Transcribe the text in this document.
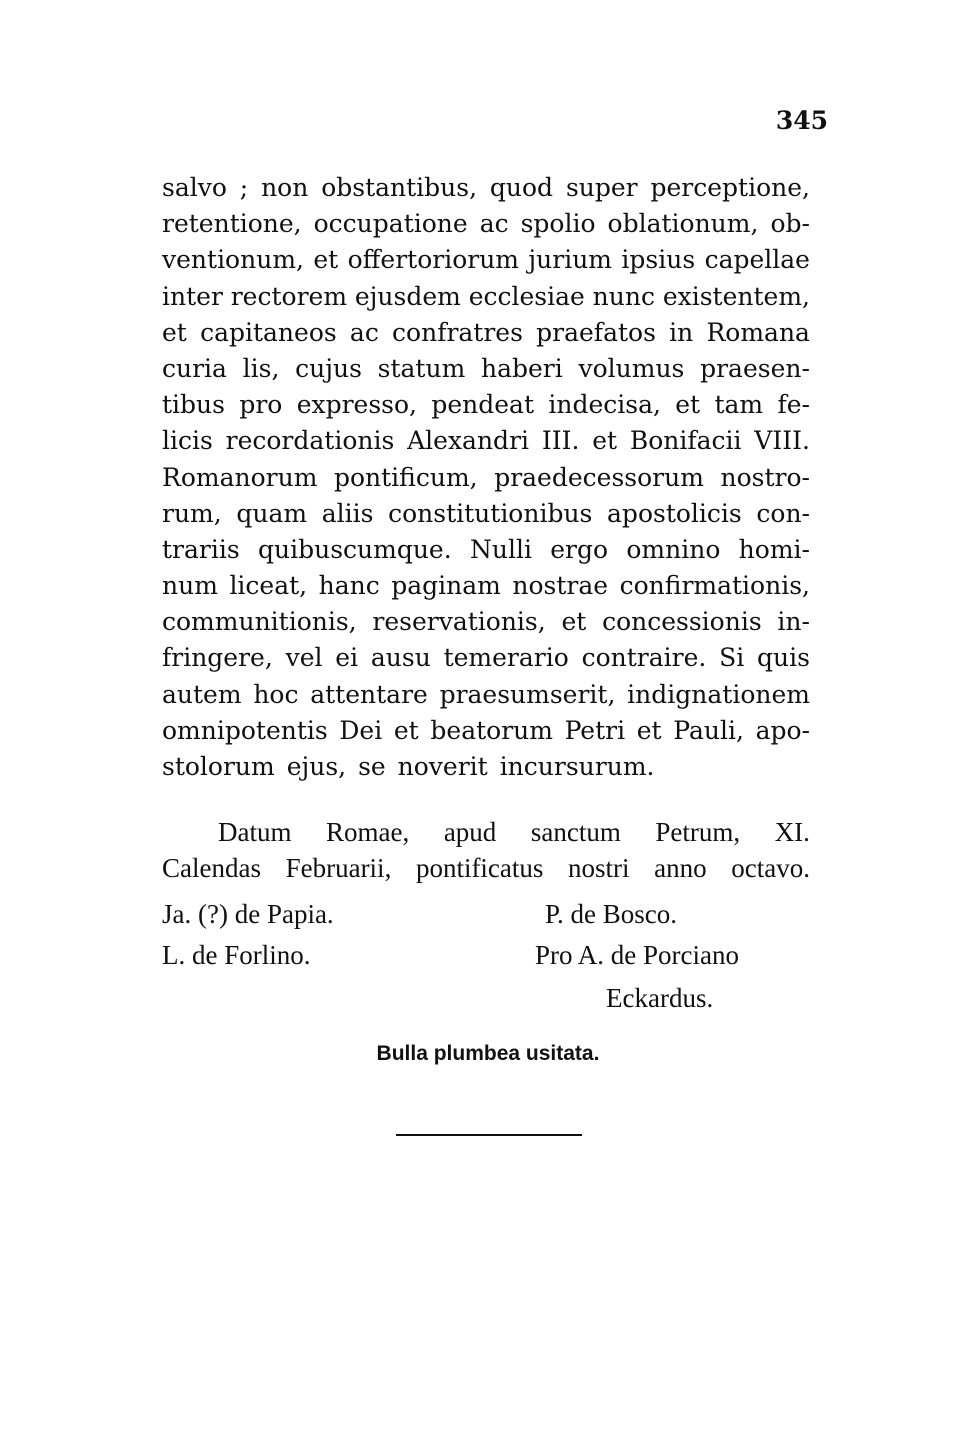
345
salvo ; non obstantibus, quod super perceptione,
retentione, occupatione ac spolio oblationum, ob-
ventionum, et offertoriorum jurium ipsius capellae
inter rectorem ejusdem ecclesiae nunc existentem,
et capitaneos ac confratres praefatos in Romana
curia lis, cujus statum haberi volumus praesen-
tibus pro expresso, pendeat indecisa, et tam fe-
licis recordationis Alexandri III. et Bonifacii VIII.
Romanorum pontificum, praedecessorum nostro-
rum, quam aliis constitutionibus apostolicis con-
trariis quibuscumque. Nulli ergo omnino homi-
num liceat, hanc paginam nostrae confirmationis,
communitionis, reservationis, et concessionis in-
fringere, vel ei ausu temerario contraire. Si quis
autem hoc attentare praesumserit, indignationem
omnipotentis Dei et beatorum Petri et Pauli, apo-
stolorum
ejus,
se
noverit
incursurum.
Datum Romae, apud sanctum Petrum, XI.
Calendas Februarii, pontificatus nostri anno octavo.
Ja. (?) de Papia.	P. de Bosco.
L. de Forlino.	Pro A. de Porciano
Eckardus.
Bulla plumbea usitata.
